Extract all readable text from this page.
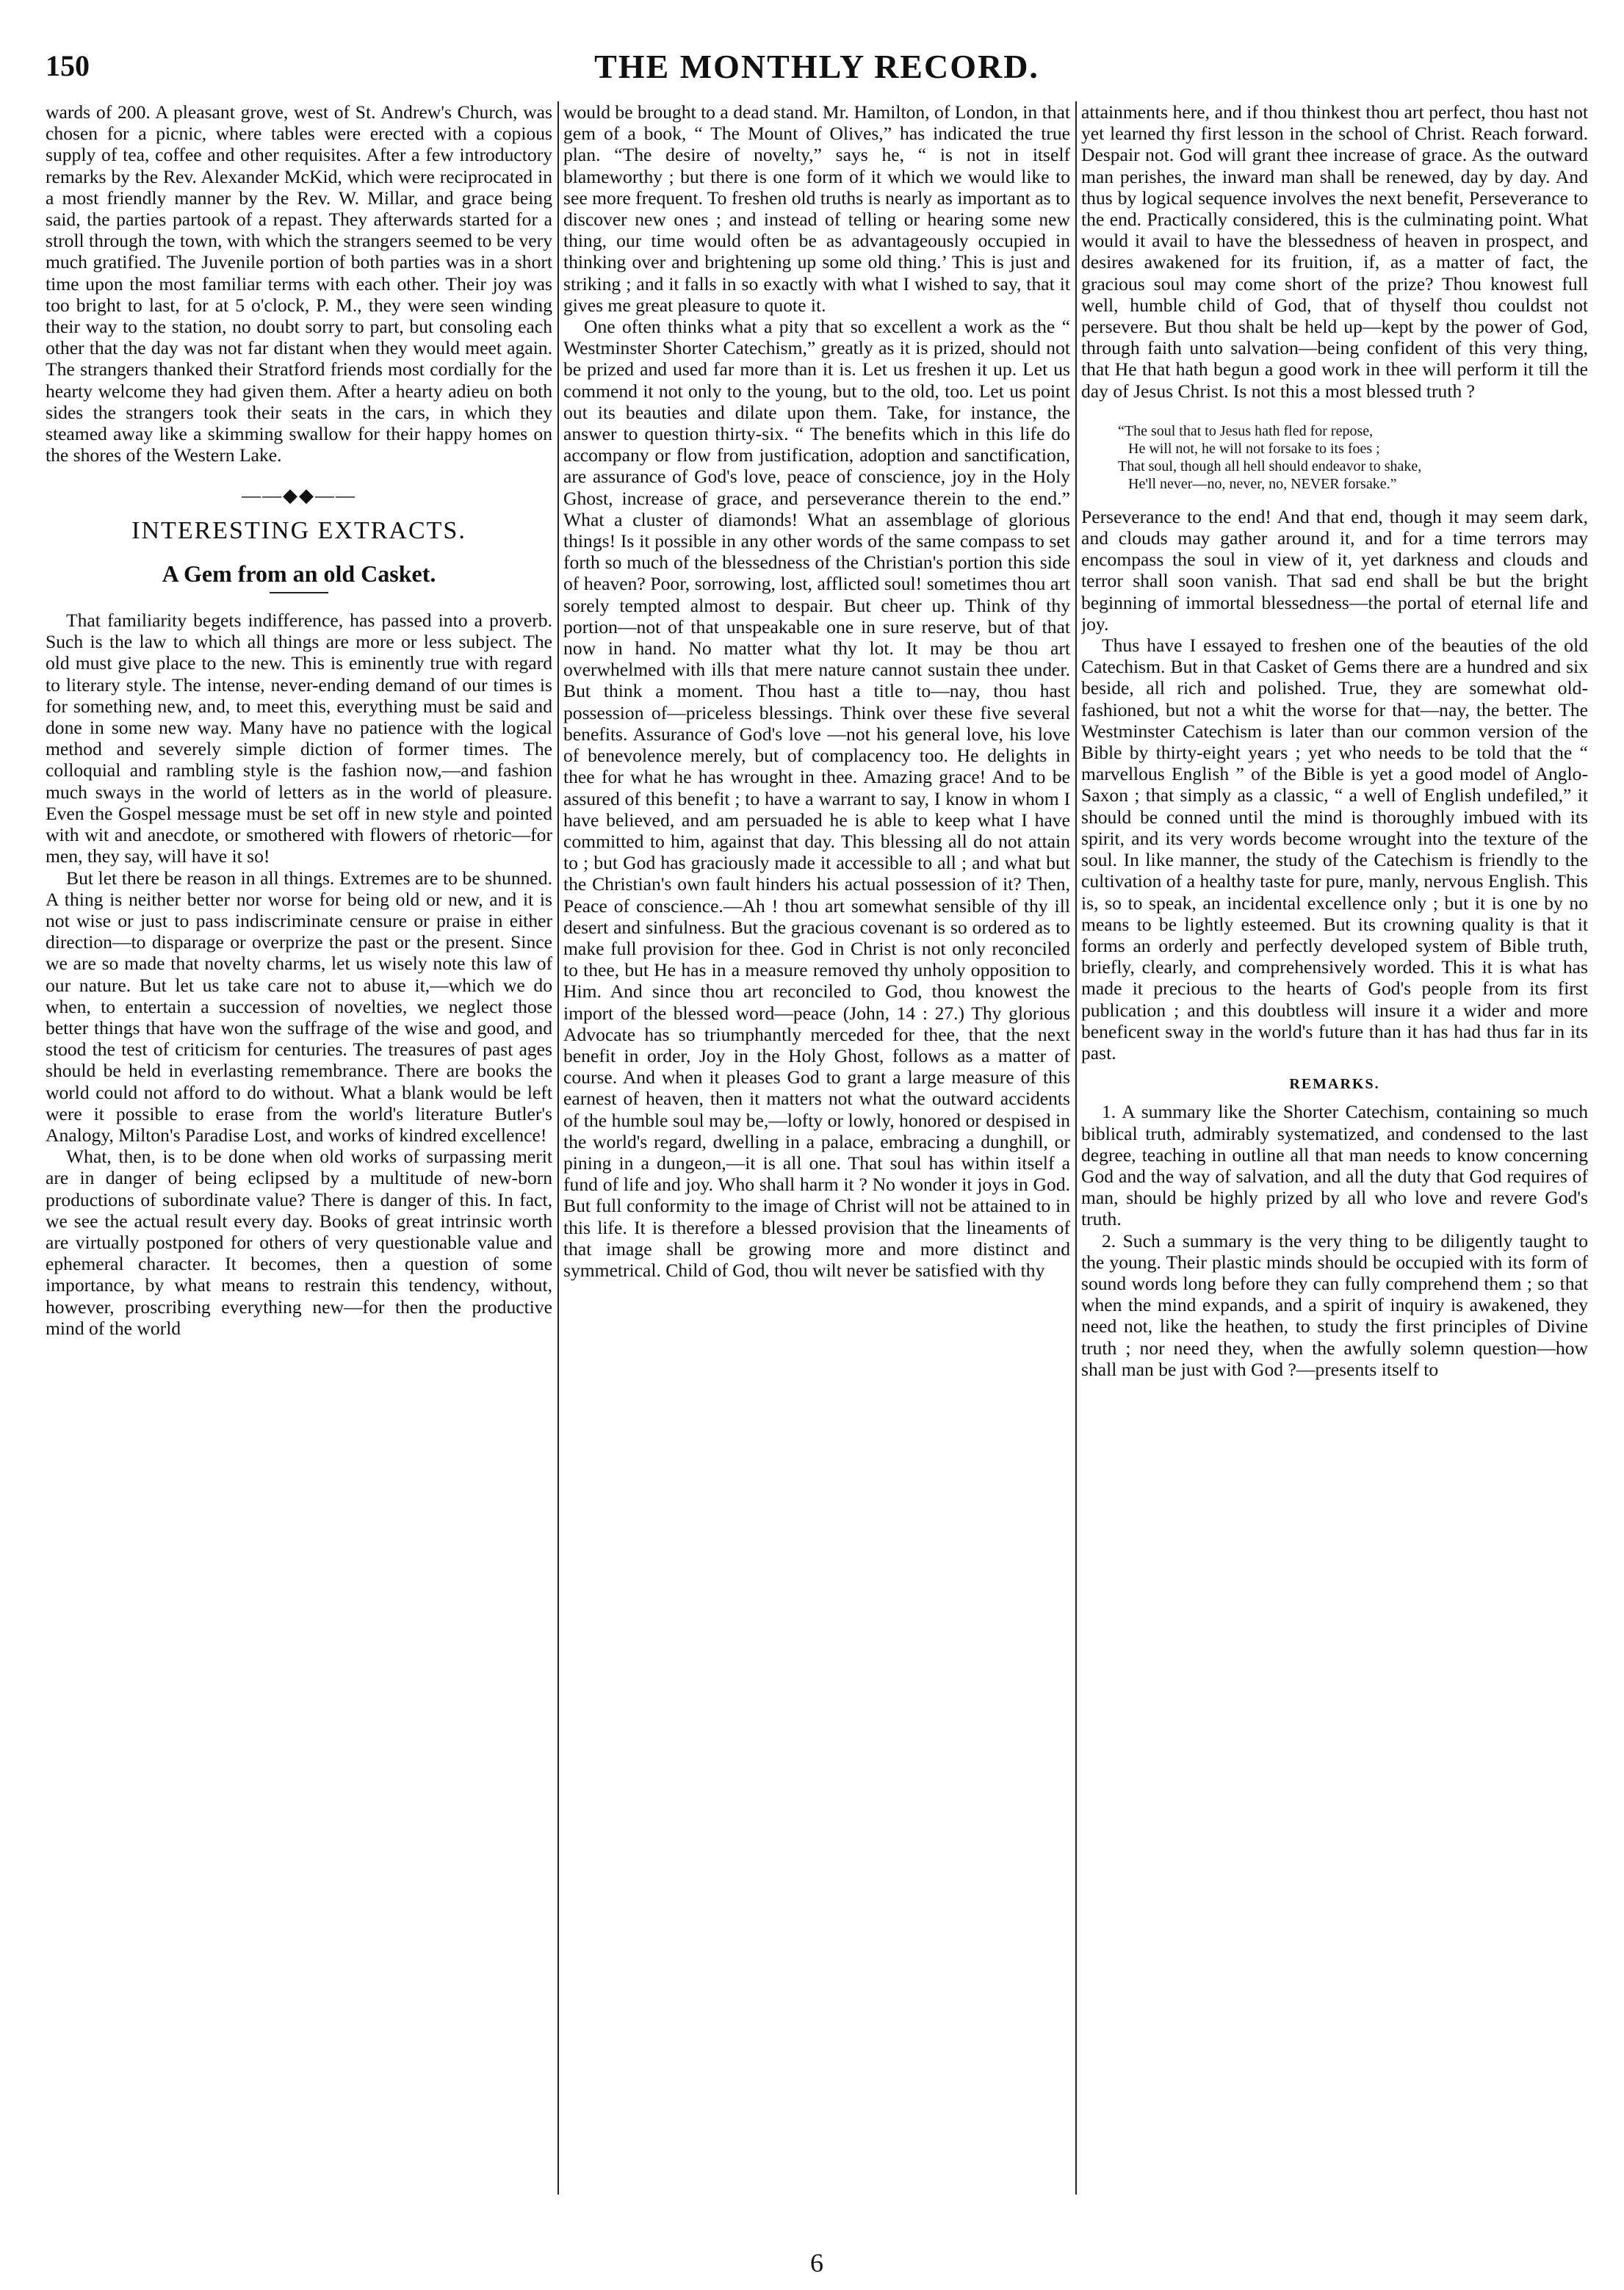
150	THE MONTHLY RECORD.

wards of 200. A pleasant grove, west of St. Andrew's Church, was chosen for a picnic, where tables were erected with a copious supply of tea, coffee and other requisites. After a few introductory remarks by the Rev. Alexander McKid, which were reciprocated in a most friendly manner by the Rev. W. Millar, and grace being said, the parties partook of a repast. They afterwards started for a stroll through the town, with which the strangers seemed to be very much gratified. The Juvenile portion of both parties was in a short time upon the most familiar terms with each other. Their joy was too bright to last, for at 5 o'clock, P. M., they were seen winding their way to the station, no doubt sorry to part, but consoling each other that the day was not far distant when they would meet again. The strangers thanked their Stratford friends most cordially for the hearty welcome they had given them. After a hearty adieu on both sides the strangers took their seats in the cars, in which they steamed away like a skimming swallow for their happy homes on the shores of the Western Lake.

——◆◆——
INTERESTING EXTRACTS.
A Gem from an old Casket.

That familiarity begets indifference, has passed into a proverb. Such is the law to which all things are more or less subject. The old must give place to the new. This is eminently true with regard to literary style. The intense, never-ending demand of our times is for something new, and, to meet this, everything must be said and done in some new way. Many have no patience with the logical method and severely simple diction of former times. The colloquial and rambling style is the fashion now,—and fashion much sways in the world of letters as in the world of pleasure. Even the Gospel message must be set off in new style and pointed with wit and anecdote, or smothered with flowers of rhetoric—for men, they say, will have it so!

But let there be reason in all things. Extremes are to be shunned. A thing is neither better nor worse for being old or new, and it is not wise or just to pass indiscriminate censure or praise in either direction—to disparage or overprize the past or the present. Since we are so made that novelty charms, let us wisely note this law of our nature. But let us take care not to abuse it,—which we do when, to entertain a succession of novelties, we neglect those better things that have won the suffrage of the wise and good, and stood the test of criticism for centuries. The treasures of past ages should be held in everlasting remembrance. There are books the world could not afford to do without. What a blank would be left were it possible to erase from the world's literature Butler's Analogy, Milton's Paradise Lost, and works of kindred excellence!

What, then, is to be done when old works of surpassing merit are in danger of being eclipsed by a multitude of new-born productions of subordinate value? There is danger of this. In fact, we see the actual result every day. Books of great intrinsic worth are virtually postponed for others of very questionable value and ephemeral character. It becomes, then a question of some importance, by what means to restrain this tendency, without, however, proscribing everything new—for then the productive mind of the world

would be brought to a dead stand. Mr. Hamilton, of London, in that gem of a book, “ The Mount of Olives,” has indicated the true plan. “The desire of novelty,” says he, “ is not in itself blameworthy ; but there is one form of it which we would like to see more frequent. To freshen old truths is nearly as important as to discover new ones ; and instead of telling or hearing some new thing, our time would often be as advantageously occupied in thinking over and brightening up some old thing.’ This is just and striking ; and it falls in so exactly with what I wished to say, that it gives me great pleasure to quote it.

One often thinks what a pity that so excellent a work as the “ Westminster Shorter Catechism,” greatly as it is prized, should not be prized and used far more than it is. Let us freshen it up. Let us commend it not only to the young, but to the old, too. Let us point out its beauties and dilate upon them. Take, for instance, the answer to question thirty-six. “ The benefits which in this life do accompany or flow from justification, adoption and sanctification, are assurance of God's love, peace of conscience, joy in the Holy Ghost, increase of grace, and perseverance therein to the end.” What a cluster of diamonds! What an assemblage of glorious things! Is it possible in any other words of the same compass to set forth so much of the blessedness of the Christian's portion this side of heaven? Poor, sorrowing, lost, afflicted soul! sometimes thou art sorely tempted almost to despair. But cheer up. Think of thy portion—not of that unspeakable one in sure reserve, but of that now in hand. No matter what thy lot. It may be thou art overwhelmed with ills that mere nature cannot sustain thee under. But think a moment. Thou hast a title to—nay, thou hast possession of—priceless blessings. Think over these five several benefits. Assurance of God's love —not his general love, his love of benevolence merely, but of complacency too. He delights in thee for what he has wrought in thee. Amazing grace! And to be assured of this benefit ; to have a warrant to say, I know in whom I have believed, and am persuaded he is able to keep what I have committed to him, against that day. This blessing all do not attain to ; but God has graciously made it accessible to all ; and what but the Christian's own fault hinders his actual possession of it? Then, Peace of conscience.—Ah ! thou art somewhat sensible of thy ill desert and sinfulness. But the gracious covenant is so ordered as to make full provision for thee. God in Christ is not only reconciled to thee, but He has in a measure removed thy unholy opposition to Him. And since thou art reconciled to God, thou knowest the import of the blessed word—peace (John, 14 : 27.) Thy glorious Advocate has so triumphantly merceded for thee, that the next benefit in order, Joy in the Holy Ghost, follows as a matter of course. And when it pleases God to grant a large measure of this earnest of heaven, then it matters not what the outward accidents of the humble soul may be,—lofty or lowly, honored or despised in the world's regard, dwelling in a palace, embracing a dunghill, or pining in a dungeon,—it is all one. That soul has within itself a fund of life and joy. Who shall harm it ? No wonder it joys in God. But full conformity to the image of Christ will not be attained to in this life. It is therefore a blessed provision that the lineaments of that image shall be growing more and more distinct and symmetrical. Child of God, thou wilt never be satisfied with thy

attainments here, and if thou thinkest thou art perfect, thou hast not yet learned thy first lesson in the school of Christ. Reach forward. Despair not. God will grant thee increase of grace. As the outward man perishes, the inward man shall be renewed, day by day. And thus by logical sequence involves the next benefit, Perseverance to the end. Practically considered, this is the culminating point. What would it avail to have the blessedness of heaven in prospect, and desires awakened for its fruition, if, as a matter of fact, the gracious soul may come short of the prize? Thou knowest full well, humble child of God, that of thyself thou couldst not persevere. But thou shalt be held up—kept by the power of God, through faith unto salvation—being confident of this very thing, that He that hath begun a good work in thee will perform it till the day of Jesus Christ. Is not this a most blessed truth ?

“The soul that to Jesus hath fled for repose,
He will not, he will not forsake to its foes ;
That soul, though all hell should endeavor to shake,
He'll never—no, never, no, NEVER forsake.”

Perseverance to the end! And that end, though it may seem dark, and clouds may gather around it, and for a time terrors may encompass the soul in view of it, yet darkness and clouds and terror shall soon vanish. That sad end shall be but the bright beginning of immortal blessedness—the portal of eternal life and joy.

Thus have I essayed to freshen one of the beauties of the old Catechism. But in that Casket of Gems there are a hundred and six beside, all rich and polished. True, they are somewhat old-fashioned, but not a whit the worse for that—nay, the better. The Westminster Catechism is later than our common version of the Bible by thirty-eight years ; yet who needs to be told that the “ marvellous English ” of the Bible is yet a good model of Anglo-Saxon ; that simply as a classic, “ a well of English undefiled,” it should be conned until the mind is thoroughly imbued with its spirit, and its very words become wrought into the texture of the soul. In like manner, the study of the Catechism is friendly to the cultivation of a healthy taste for pure, manly, nervous English. This is, so to speak, an incidental excellence only ; but it is one by no means to be lightly esteemed. But its crowning quality is that it forms an orderly and perfectly developed system of Bible truth, briefly, clearly, and comprehensively worded. This it is what has made it precious to the hearts of God's people from its first publication ; and this doubtless will insure it a wider and more beneficent sway in the world's future than it has had thus far in its past.

REMARKS.

1. A summary like the Shorter Catechism, containing so much biblical truth, admirably systematized, and condensed to the last degree, teaching in outline all that man needs to know concerning God and the way of salvation, and all the duty that God requires of man, should be highly prized by all who love and revere God's truth.

2. Such a summary is the very thing to be diligently taught to the young. Their plastic minds should be occupied with its form of sound words long before they can fully comprehend them ; so that when the mind expands, and a spirit of inquiry is awakened, they need not, like the heathen, to study the first principles of Divine truth ; nor need they, when the awfully solemn question—how shall man be just with God ?—presents itself to

6
